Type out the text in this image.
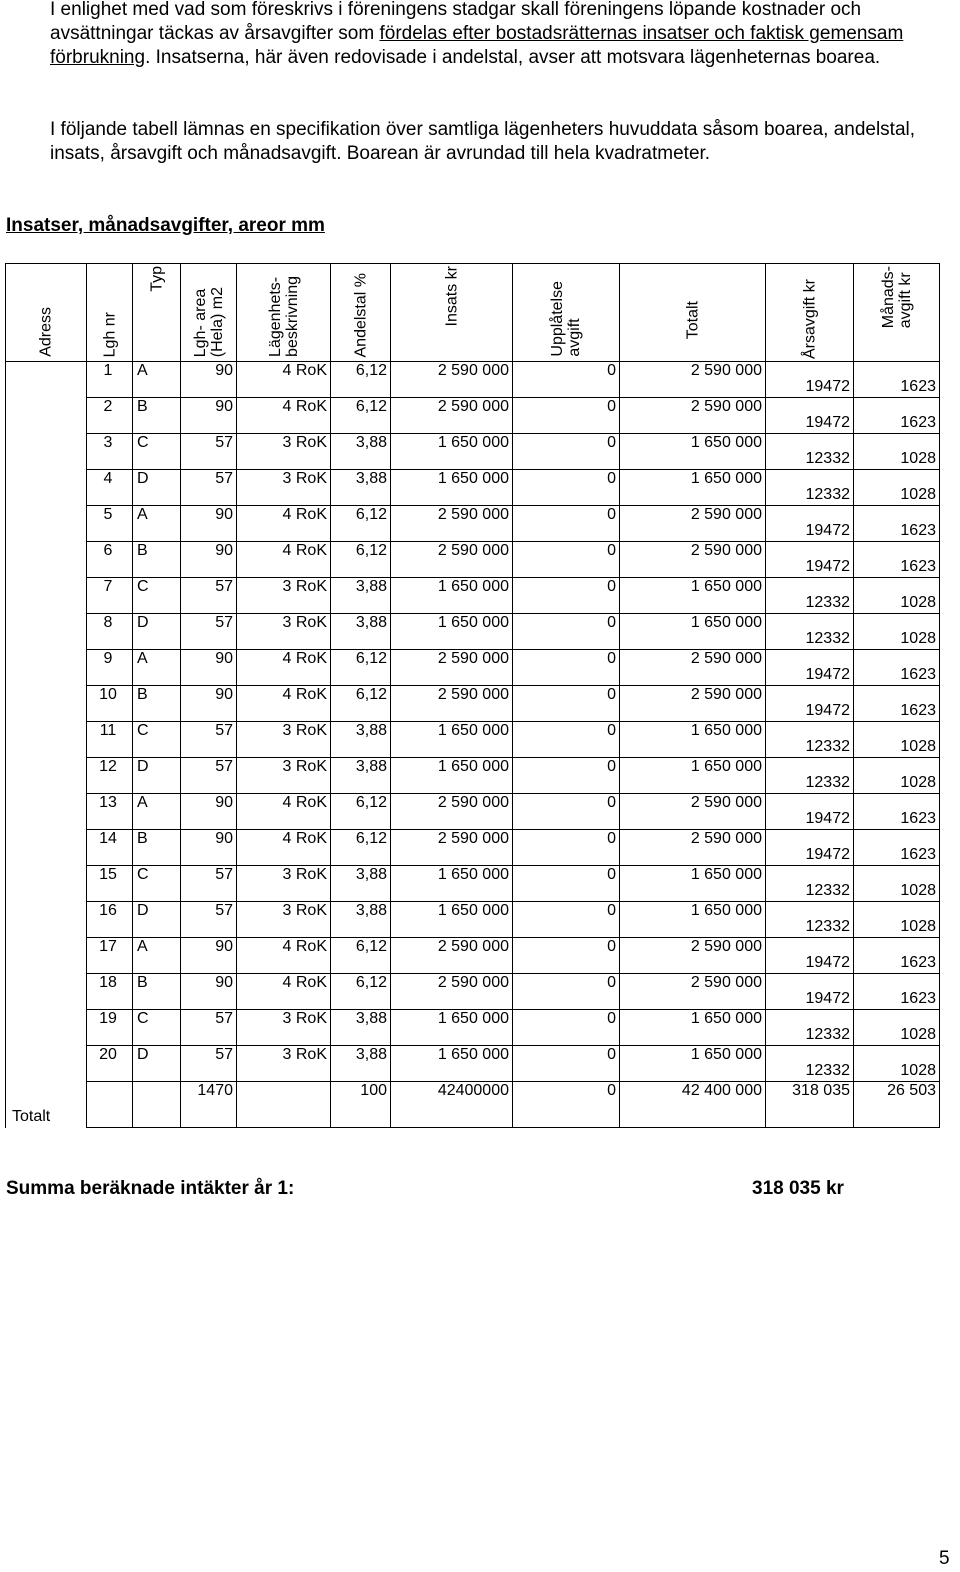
I enlighet med vad som föreskrivs i föreningens stadgar skall föreningens löpande kostnader och avsättningar täckas av årsavgifter som fördelas efter bostadsrätternas insatser och faktisk gemensam förbrukning. Insatserna, här även redovisade i andelstal, avser att motsvara lägenheternas boarea.

I följande tabell lämnas en specifikation över samtliga lägenheters huvuddata såsom boarea, andelstal, insats, årsavgift och månadsavgift. Boarean är avrundad till hela kvadratmeter.

Insatser, månadsavgifter, areor mm

Adress	Lgh nr	Typ	Lgh- area
(Hela) m2	Lägenhets-
beskrivning	Andelstal %	Insats kr	Upplåtelse
avgift	Totalt	Årsavgift kr	Månads-
avgift kr

	1	A	90	4 RoK	6,12	2 590 000	0	2 590 000	19472	1623
	2	B	90	4 RoK	6,12	2 590 000	0	2 590 000	19472	1623
	3	C	57	3 RoK	3,88	1 650 000	0	1 650 000	12332	1028
	4	D	57	3 RoK	3,88	1 650 000	0	1 650 000	12332	1028
	5	A	90	4 RoK	6,12	2 590 000	0	2 590 000	19472	1623
	6	B	90	4 RoK	6,12	2 590 000	0	2 590 000	19472	1623
	7	C	57	3 RoK	3,88	1 650 000	0	1 650 000	12332	1028
	8	D	57	3 RoK	3,88	1 650 000	0	1 650 000	12332	1028
	9	A	90	4 RoK	6,12	2 590 000	0	2 590 000	19472	1623
	10	B	90	4 RoK	6,12	2 590 000	0	2 590 000	19472	1623
	11	C	57	3 RoK	3,88	1 650 000	0	1 650 000	12332	1028
	12	D	57	3 RoK	3,88	1 650 000	0	1 650 000	12332	1028
	13	A	90	4 RoK	6,12	2 590 000	0	2 590 000	19472	1623
	14	B	90	4 RoK	6,12	2 590 000	0	2 590 000	19472	1623
	15	C	57	3 RoK	3,88	1 650 000	0	1 650 000	12332	1028
	16	D	57	3 RoK	3,88	1 650 000	0	1 650 000	12332	1028
	17	A	90	4 RoK	6,12	2 590 000	0	2 590 000	19472	1623
	18	B	90	4 RoK	6,12	2 590 000	0	2 590 000	19472	1623
	19	C	57	3 RoK	3,88	1 650 000	0	1 650 000	12332	1028
	20	D	57	3 RoK	3,88	1 650 000	0	1 650 000	12332	1028
Totalt			1470		100	42400000	0	42 400 000	318 035	26 503

Summa beräknade intäkter år 1:	318 035 kr

5
